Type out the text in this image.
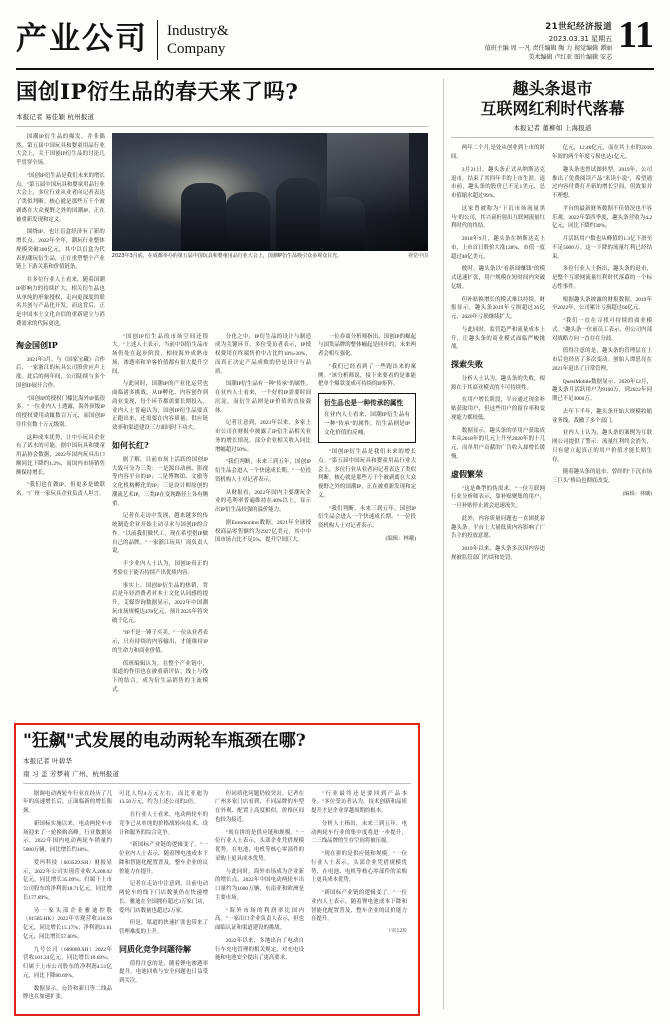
产业公司 Industry&
Company
21世纪经济报道
2023.03.31 星期五
值班主编 周 一凡 责任编辑 陶 力 视觉编辑 谭丽
美术编辑 卢红亚 图片编辑 安芯
11
国创IP衍生品的春天来了吗?
本报记者 易佳颖 杭州报道

国潮IP衍生品的爆发，并非偶然。第五届中国玩具和婴童用品行业大会上，关于国创IP衍生品的讨论几乎贯穿全场。

"国创IP衍生品是我们未来的增长点。"第五届中国玩具和婴童用品行业大会上，多位行业从业者向记者表达了类似判断。核心就是那些万千个被剥离在大众视野之外的国潮IP，正在被重新发现和定义。

围绕IP，也让盲盒经济有了新的增长点。2022年全年，潮玩行业整体规模突破300亿元，其中以盲盒为代表的潮玩衍生品，正在重塑整个产业链上下游关系和价值链条。

在多位行业人士看来，随着国潮IP影响力的持续扩大，相关衍生品也从单纯的形象授权，走向更深度的联名共创与产品化开发。而这背后，正是中国本土文化自信的重新建立与消费需求的代际更迭。

2023年3月底，在成都举办的第五届中国玩具和婴童用品行业大会上，国潮IP衍生品吸引众多观众目光。	视觉中国
淘金国创IP

2021年3月，与《国家宝藏》合作后，一家浙江的玩具公司股价应声上涨。此后的两年间，公司陆续与多个国创IP展开合作。

"国创IP的授权门槛比海外IP低很多。"一位业内人士透露，海外顶级IP的授权费用动辄数百万元，而国创IP往往在数十万元级别。

这种成本优势，让中小玩具企业有了试水的可能。据中国玩具和婴童用品协会数据，2022年国内玩具出口额同比下降约1.2%，而国内市场销售额保持增长。

"我们也在做IP，但更多是做联名。"广州一家玩具企业负责人坦言。

"国创IP衍生品的市场空间还很大。"上述人士表示，当前中国衍生品市场仍处在起步阶段，相较海外成熟市场，渗透率和单客价值都有很大提升空间。

与此同时，国潮IP的产业化运营也面临诸多挑战。从IP孵化、内容创作到商业变现，每个环节都需要长期投入。业内人士普遍认为，国创IP衍生品要真正跑出来，还需要在内容质量、供应链效率和渠道建设三方面同时下功夫。

如何长红?

据了解，目前市场上活跃的国创IP大致可分为三类：一是源自动画、影视等内容平台的IP；二是博物馆、文旅等文化机构孵化的IP；三是设计师原创的潮流艺术IP。三类IP在变现路径上各有侧重。

记者在走访中发现，越来越多的传统制造企业开始主动寻求与国创IP的合作。"以前我们做代工，现在希望借IP做自己的品牌。"一家浙江玩具厂商负责人说。

不少业内人士认为，国创IP真正的考验在于能否持续产出优质内容。

事实上，国创IP衍生品的热销，背后是年轻消费者对本土文化认同感的提升。艾媒咨询数据显示，2022年中国潮玩市场规模达478亿元，预计2025年将突破千亿元。

"IP不是一锤子买卖。"一位从业者表示，只有持续的内容输出，才能维持IP的生命力和商业价值。

值班编辑认为，在整个产业链中，渠道的作用也在被重新评估。线上与线下的结合，成为衍生品销售的主流模式。

分化之中，IP衍生品的设计与制造成为关键环节。多位受访者表示，IP授权费用在终端售价中占比约10%-20%，而真正决定产品成败的仍是设计与品质。

国潮IP衍生品有一种"传承"的属性。在业内人士看来，一个好的IP需要时间沉淀，而衍生品则是IP价值的直接载体。

记者注意到，2023年以来，多家上市公司在财报中披露了IP衍生品相关业务的增长情况。部分企业相关收入同比增幅超过50%。

"我们判断，未来三到五年，国创IP衍生品会进入一个快速成长期。"一位投资机构人士对记者表示。

从财报看，2022年国内主要潮玩企业的毛利率普遍维持在40%以上，显示出IP衍生品较强的溢价能力。

据Euromonitor数据，2021年全球授权商品零售额约为2927亿美元，其中中国市场占比不足5%，提升空间巨大。

一位券商分析师指出，国创IP的崛起与国货品牌的整体崛起是同步的，未来两者会相互强化。

"我们已经看到了一些跑出来的案例。"该分析师说，接下来要看的是谁能把单个爆款变成可持续的IP矩阵。

衍生品也是一种传承的属性
在业内人士看来，国潮IP衍生品有一种"传承"的属性，衍生品则是IP文化价值的反哺。

"国创IP衍生品是我们未来的增长点。"第五届中国玩具和婴童用品行业大会上，多位行业从业者向记者表达了类似判断。核心就是那些万千个被剥离在大众视野之外的国潮IP，正在被重新发现和定义。

"我们判断，未来三到五年，国创IP衍生品会进入一个快速成长期。"一位投资机构人士对记者表示。

(编辑：林曦)
趣头条退市
互联网红利时代落幕
本报记者 董柳如 上海报道

两年二个月,是处从创业到上市的时间。

3月21日，趣头条正式从纳斯达克退市，结束了其四年半的上市生涯。退市前，趣头条的股价已不足1美元，总市值缩水超过99%。

这家曾被称为"下沉市场流量黑马"的公司，其兴衰折射出互联网流量红利时代的终结。

2018年9月，趣头条在纳斯达克上市，上市首日股价大涨128%，市值一度超过40亿美元。

彼时，趣头条以"看新闻赚钱"的模式迅速扩张，用户规模在短时间内突破亿级。

但补贴换增长的模式难以持续。财报显示，趣头条2019年亏损超过26亿元，2020年亏损继续扩大。

与此同时，监管趋严和流量成本上升，让趣头条的商业模式面临严峻挑战。

探索失败

分析人士认为，趣头条的失败，根源在于其商业模式的不可持续性。

在用户增长阶段，平台通过现金补贴获取用户，但这些用户的留存率和变现能力都较低。

数据显示，趣头条的单用户获取成本从2018年的几元上升至2020年的十几元，而单用户贡献的广告收入却增长缓慢。

虚假繁荣

"这是典型的伪需求。"一位互联网行业分析师表示，靠补贴聚集的用户，一旦补贴停止就会迅速流失。

此外，内容质量问题也一直困扰着趣头条。平台上大量低质内容影响了广告主的投放意愿。

2019年以来，趣头条多次因内容违规被监管部门约谈和处罚。

亿元，12.40亿元，而在其上市的2016年间的两个年度亏损也达1亿元。

趣头条也曾试图转型。2019年，公司推出了免费阅读产品"米读小说"，希望通过内容付费打开新的增长空间，但效果并不理想。

平台的最新财务数据不佳情况也不容乐观。2022年第四季度，趣头条营收为4.2亿元，同比下降约30%。

月活跃用户数也从峰值的1.3亿下滑至不足5000万。这一下降的流量红利已经结束。

多位行业人士指出，趣头条的退市，是整个互联网流量红利时代落幕的一个标志性事件。

根据趣头条披露的财报数据，2019年至2022年，公司累计亏损超过60亿元。

"我们一直在寻找可持续的商业模式。"趣头条一位前员工表示，但公司内部对战略方向一直存在分歧。

值得注意的是，趣头条的管理层在上市后也经历了多次变动。创始人谭思亮在2021年退出了日常管理。

QuestMobile数据显示，2020年12月，趣头条月活跃用户为9100万，到2022年同期已不足3000万。

去年下半年，趣头条开始大规模收缩业务线，裁撤了多个部门。

业内人士认为，趣头条的案例为互联网公司提供了警示：流量红利终会消失，只有建立起真正的用户价值才能长期生存。

随着趣头条的退市，曾经的"下沉市场三巨头"格局也彻底改变。

(编辑：林曦)
"狂飙"式发展的电动两轮车瓶颈在哪?
本报记者 叶碧华
南 习 盖 芳梦莉 广州、杭州报道

据调电动两轮车行业在经历了几年的高速增长后，正面临新的增长瓶颈。

新国标实施以来，电动两轮车市场迎来了一轮换购高峰。行业数据显示，2022年国内电动两轮车销量约5000万辆，同比增长约10%。

爱玛科技（603529.SH）财报显示，2022年公司实现营业收入208.02亿元，同比增长35.09%；归属于上市公司股东的净利润18.71亿元，同比增长177.89%。

另一家头部企业雅迪控股（01585.HK）2022年实现营收310.59亿元，同比增长15.17%；净利润21.61亿元，同比增长57.80%。

九号公司（689009.SH）2022年营收101.24亿元，同比增长10.69%；归属于上市公司股东的净利润4.51亿元，同比下降80.69%。

数据显示，台铃和新日等二线品牌也在加速扩张。

可比人均4万元左右，而比亚迪为13.50万元，约为上述公司的2倍。

在行业人士看来，电动两轮车的竞争已从单纯的价格战转向技术、设计和服务的综合竞争。

"新国标产业链的逻辑变了。"一位业内人士表示，随着锂电池成本下降和智能化配置普及，整车企业的议价能力在提升。

记者在走访中注意到，目前电动两轮车的线下门店数量仍在快速增长。雅迪在全国拥有超过3万家门店，爱玛门店数量也超过2万家。

但是，渠道的快速扩张也带来了管理难度的上升。

同质化竞争问题待解

值得注意的是，随着锂电渗透率提升，电池回收与安全问题也日益受到关注。

但同质化问题仍较突出。记者在广州多家门店看到，不同品牌的车型在外观、配置上高度相似，价格区间也较为接近。

"现在拼的是供应链和规模。"一位行业人士表示，头部企业凭借规模优势，在电池、电机等核心零部件的采购上更具成本优势。

与此同时，海外市场成为企业新的增长点。2022年中国电动两轮车出口量约为1000万辆，东南亚和欧洲是主要市场。

"海外市场的利润率比国内高。"一家出口企业负责人表示，但也面临认证和渠道建设的挑战。

2022年以来，多地出台了电动自行车充电管理的相关规定，对充电设施和电池安全提出了更高要求。

"行业最终还是要回到产品本身。"多位受访者认为，技术创新和品质提升才是企业穿越周期的根本。

分析人士指出，未来三到五年，电动两轮车行业的集中度将进一步提升，二三线品牌的生存空间将被压缩。

"现在拼的是供应链和规模。"一位行业人士表示，头部企业凭借规模优势，在电池、电机等核心零部件的采购上更具成本优势。

"新国标产业链的逻辑变了。"一位业内人士表示，随着锂电池成本下降和智能化配置普及，整车企业的议价能力在提升。

下转12版
